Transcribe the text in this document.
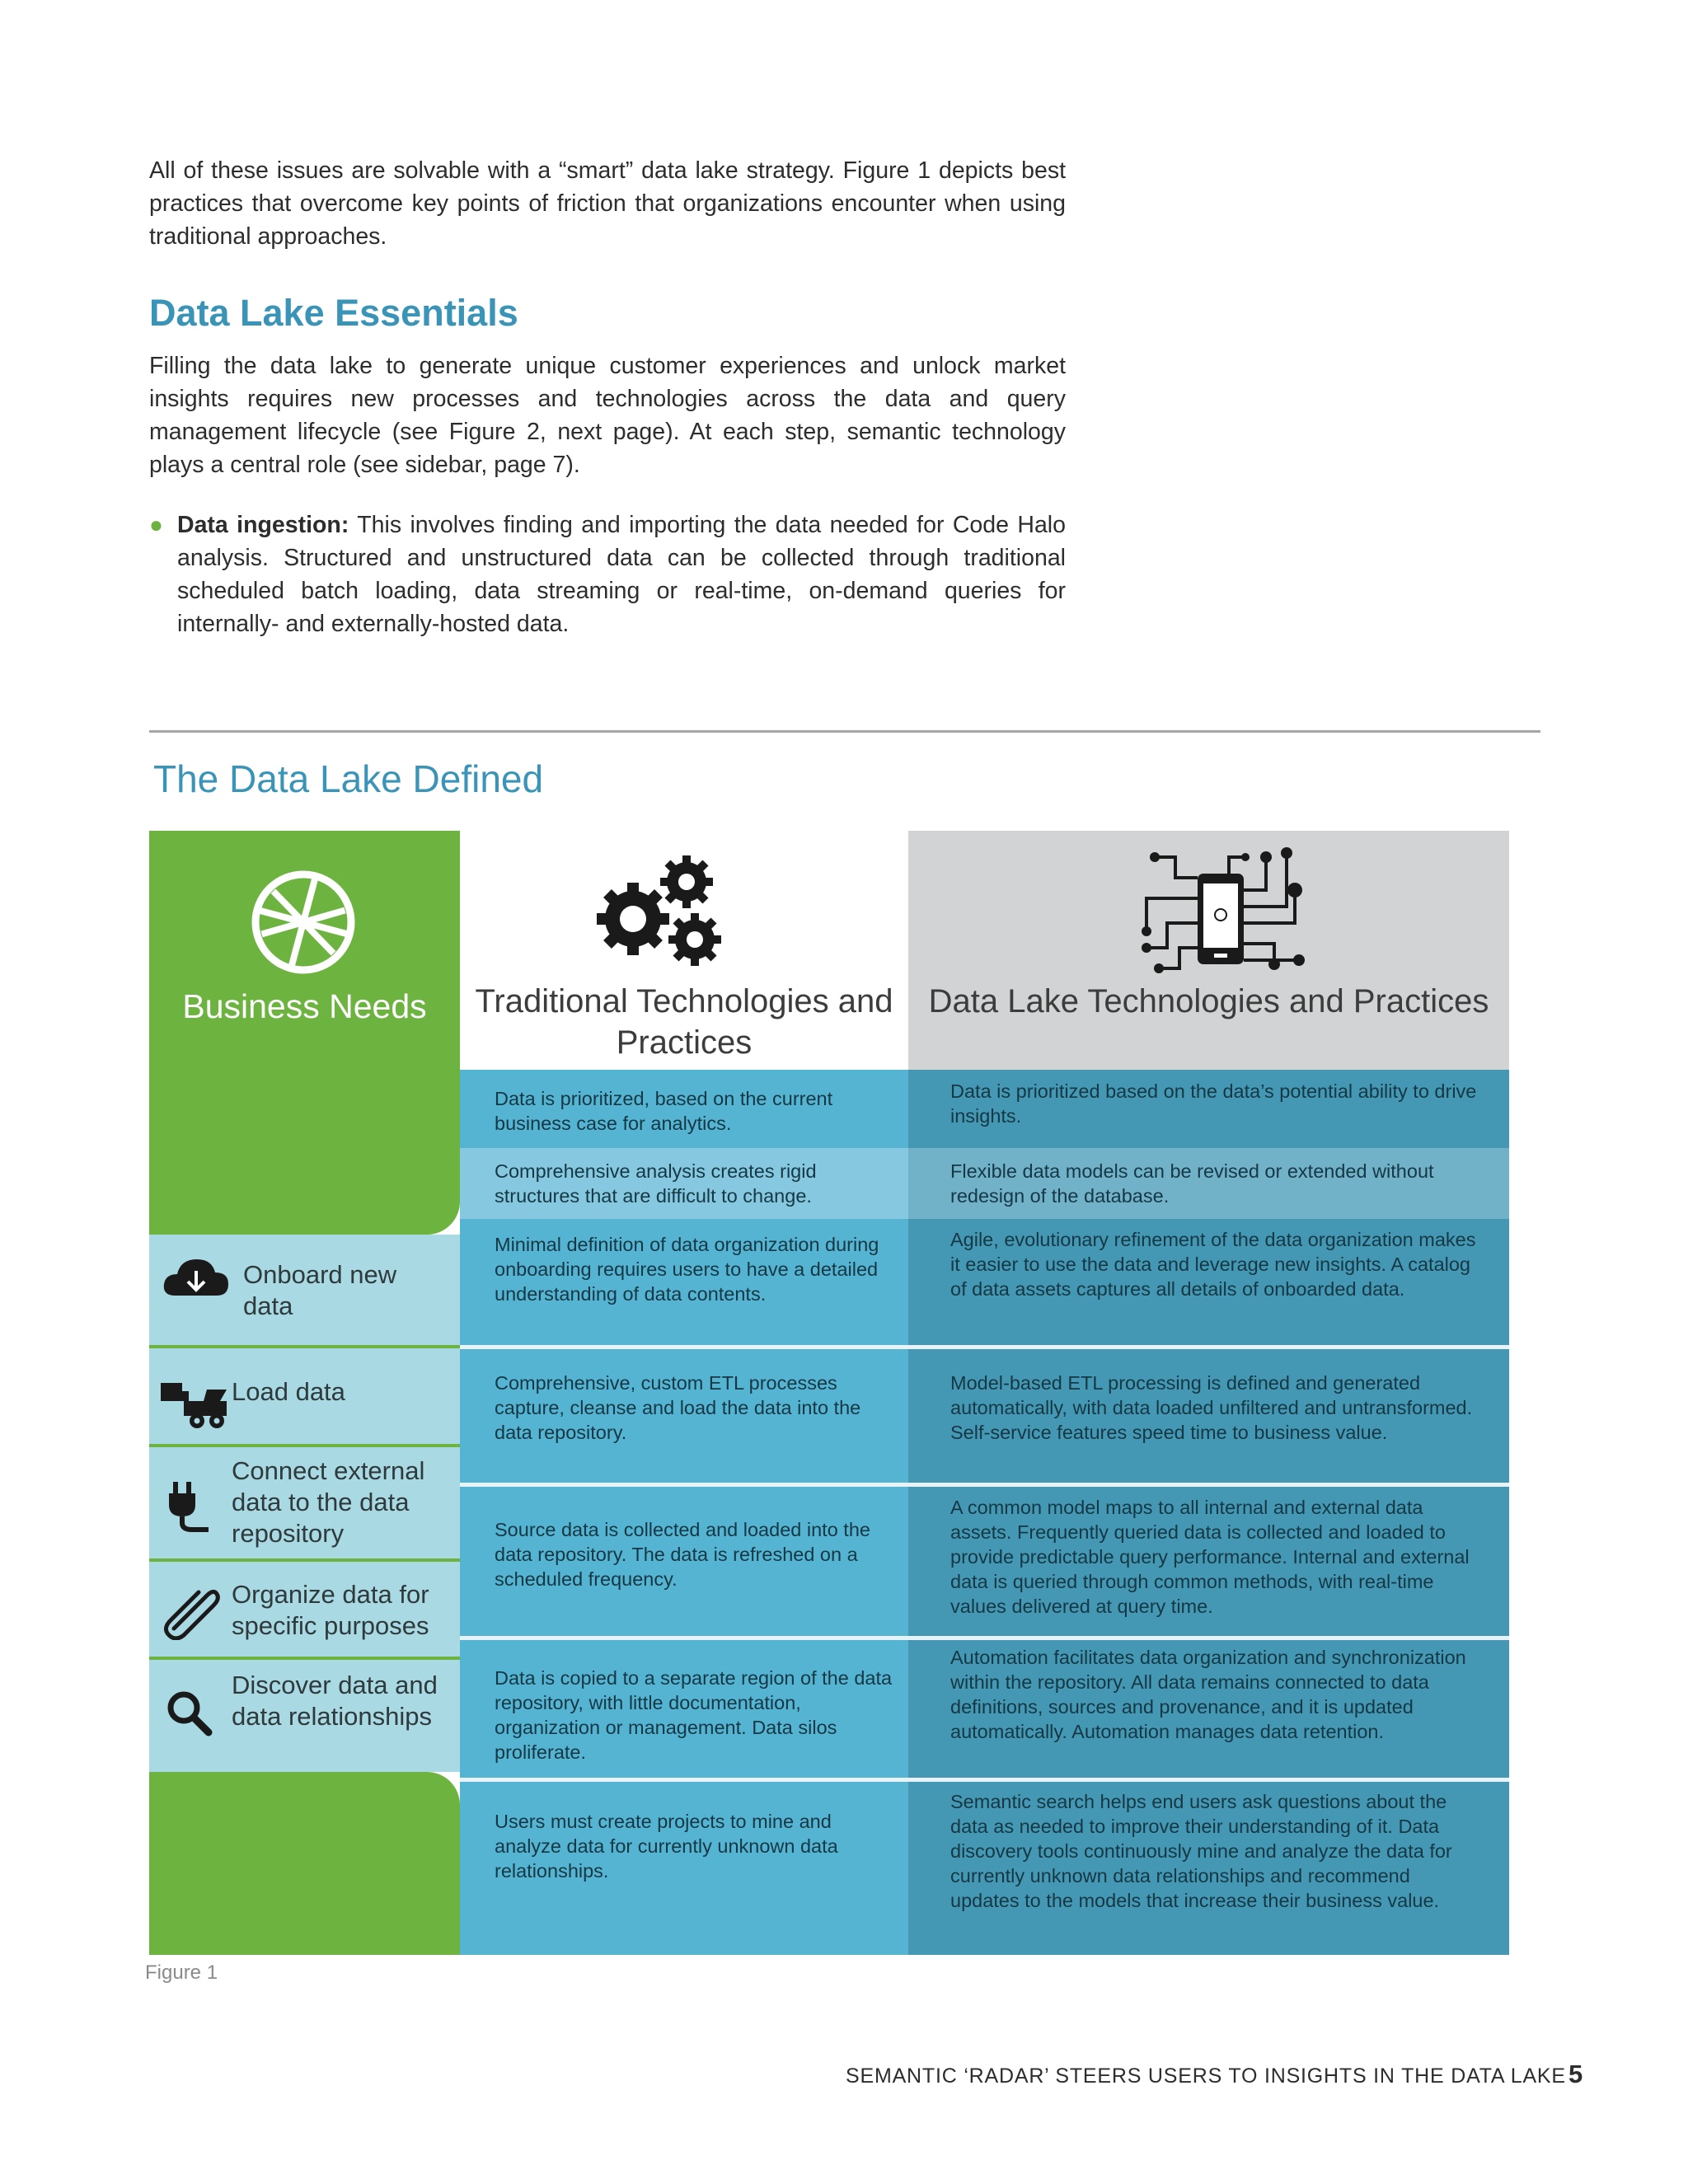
All of these issues are solvable with a “smart” data lake strategy. Figure 1 depicts best practices that overcome key points of friction that organizations encounter when using traditional approaches.

Data Lake Essentials

Filling the data lake to generate unique customer experiences and unlock market insights requires new processes and technologies across the data and query management lifecycle (see Figure 2, next page). At each step, semantic technology plays a central role (see sidebar, page 7).

● Data ingestion: This involves finding and importing the data needed for Code Halo analysis. Structured and unstructured data can be collected through traditional scheduled batch loading, data streaming or real-time, on-demand queries for internally- and externally-hosted data.
The Data Lake Defined
Business Needs	Traditional Technologies and Practices
Data Lake Technologies and Practices
Data is prioritized, based on the current business case for analytics.
Comprehensive analysis creates rigid structures that are difficult to change.
Minimal definition of data organization during onboarding requires users to have a detailed understanding of data contents.
Comprehensive, custom ETL processes capture, cleanse and load the data into the data repository.
Source data is collected and loaded into the data repository. The data is refreshed on a scheduled frequency.
Data is copied to a separate region of the data repository, with little documentation, organization or management. Data silos proliferate.
Users must create projects to mine and analyze data for currently unknown data relationships.
Data is prioritized based on the data’s potential ability to drive insights.
Flexible data models can be revised or extended without redesign of the database.
Agile, evolutionary refinement of the data organization makes it easier to use the data and leverage new insights. A catalog of data assets captures all details of onboarded data.
Model-based ETL processing is defined and generated automatically, with data loaded unfiltered and untransformed. Self-service features speed time to business value.
A common model maps to all internal and external data assets. Frequently queried data is collected and loaded to provide predictable query performance. Internal and external data is queried through common methods, with real-time values delivered at query time.
Automation facilitates data organization and synchronization within the repository. All data remains connected to data definitions, sources and provenance, and it is updated automatically. Automation manages data retention.
Semantic search helps end users ask questions about the data as needed to improve their understanding of it. Data discovery tools continuously mine and analyze the data for currently unknown data relationships and recommend updates to the models that increase their business value.
Onboard new data
Load data
Connect external data to the data repository
Organize data for specific purposes
Discover data and data relationships

Figure 1

SEMANTIC ‘RADAR’ STEERS USERS TO INSIGHTS IN THE DATA LAKE 5
